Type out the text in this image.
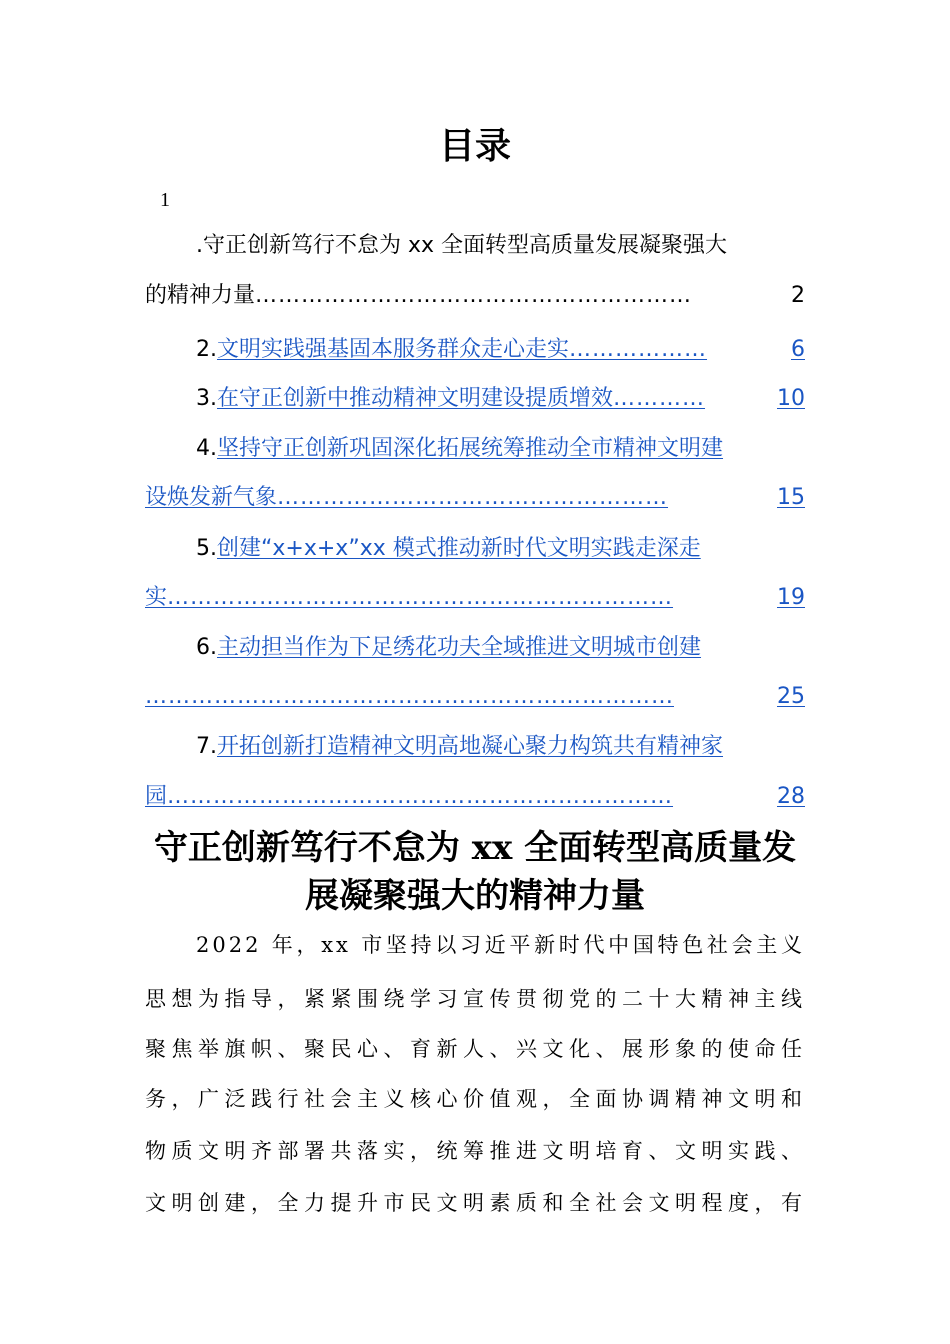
目录
1
.守正创新笃行不怠为 xx 全面转型高质量发展凝聚强大
的精神力量 …………………………………………………	2
2. 文明实践强基固本服务群众走心走实 ………………	6
3. 在守正创新中推动精神文明建设提质增效 …………	10
4. 坚持守正创新巩固深化拓展统筹推动全市精神文明建
设焕发新气象 ……………………………………………	15
5. 创建“x+x+x”xx 模式推动新时代文明实践走深走
实 …………………………………………………………	19
6. 主动担当作为下足绣花功夫全域推进文明城市创建
……………………………………………………………	25
7. 开拓创新打造精神文明高地凝心聚力构筑共有精神家
园 …………………………………………………………	28
守正创新笃行不怠为 xx 全面转型高质量发
展凝聚强大的精神力量
2022 年，xx 市坚持以习近平新时代中国特色社会主义
思想为指导，紧紧围绕学习宣传贯彻党的二十大精神主线
聚焦举旗帜、聚民心、育新人、兴文化、展形象的使命任
务，广泛践行社会主义核心价值观，全面协调精神文明和
物质文明齐部署共落实，统筹推进文明培育、文明实践、
文明创建，全力提升市民文明素质和全社会文明程度，有
